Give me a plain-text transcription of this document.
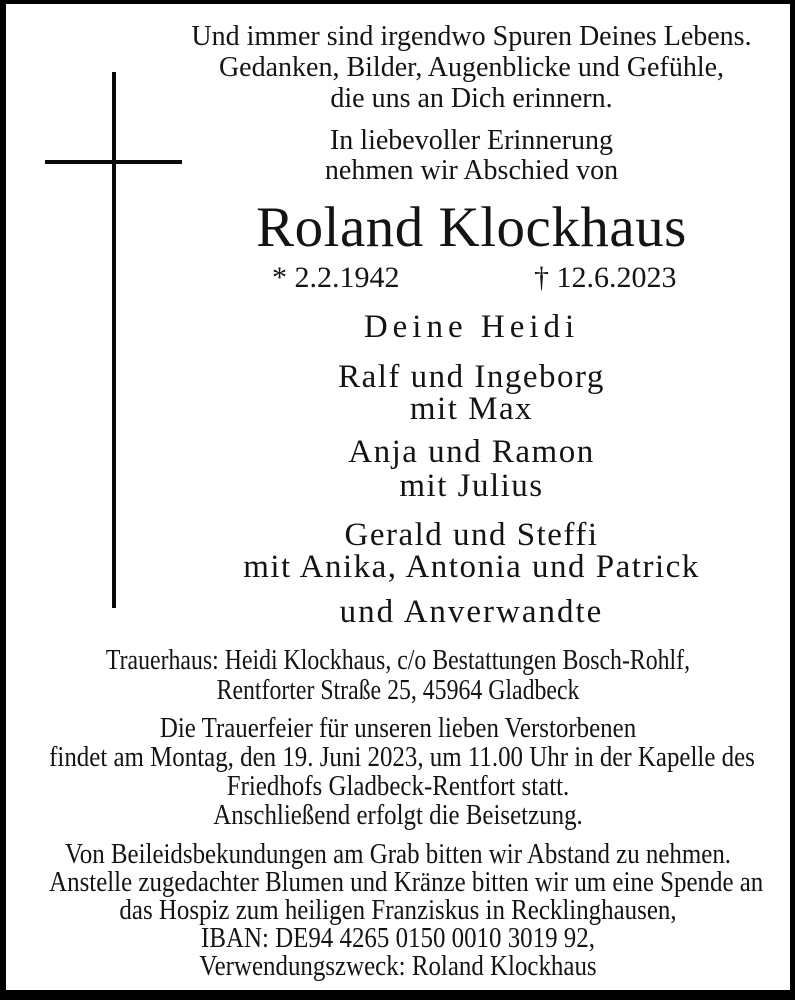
Und immer sind irgendwo Spuren Deines Lebens.
Gedanken, Bilder, Augenblicke und Gefühle,
die uns an Dich erinnern.
In liebevoller Erinnerung
nehmen wir Abschied von
Roland Klockhaus
* 2.2.1942	† 12.6.2023
Deine Heidi
Ralf und Ingeborg
mit Max
Anja und Ramon
mit Julius
Gerald und Steffi
mit Anika, Antonia und Patrick
und Anverwandte
Trauerhaus: Heidi Klockhaus, c/o Bestattungen Bosch-Rohlf,
Rentforter Straße 25, 45964 Gladbeck
Die Trauerfeier für unseren lieben Verstorbenen
findet am Montag, den 19. Juni 2023, um 11.00 Uhr in der Kapelle des
Friedhofs Gladbeck-Rentfort statt.
Anschließend erfolgt die Beisetzung.
Von Beileidsbekundungen am Grab bitten wir Abstand zu nehmen.
Anstelle zugedachter Blumen und Kränze bitten wir um eine Spende an
das Hospiz zum heiligen Franziskus in Recklinghausen,
IBAN: DE94 4265 0150 0010 3019 92,
Verwendungszweck: Roland Klockhaus
